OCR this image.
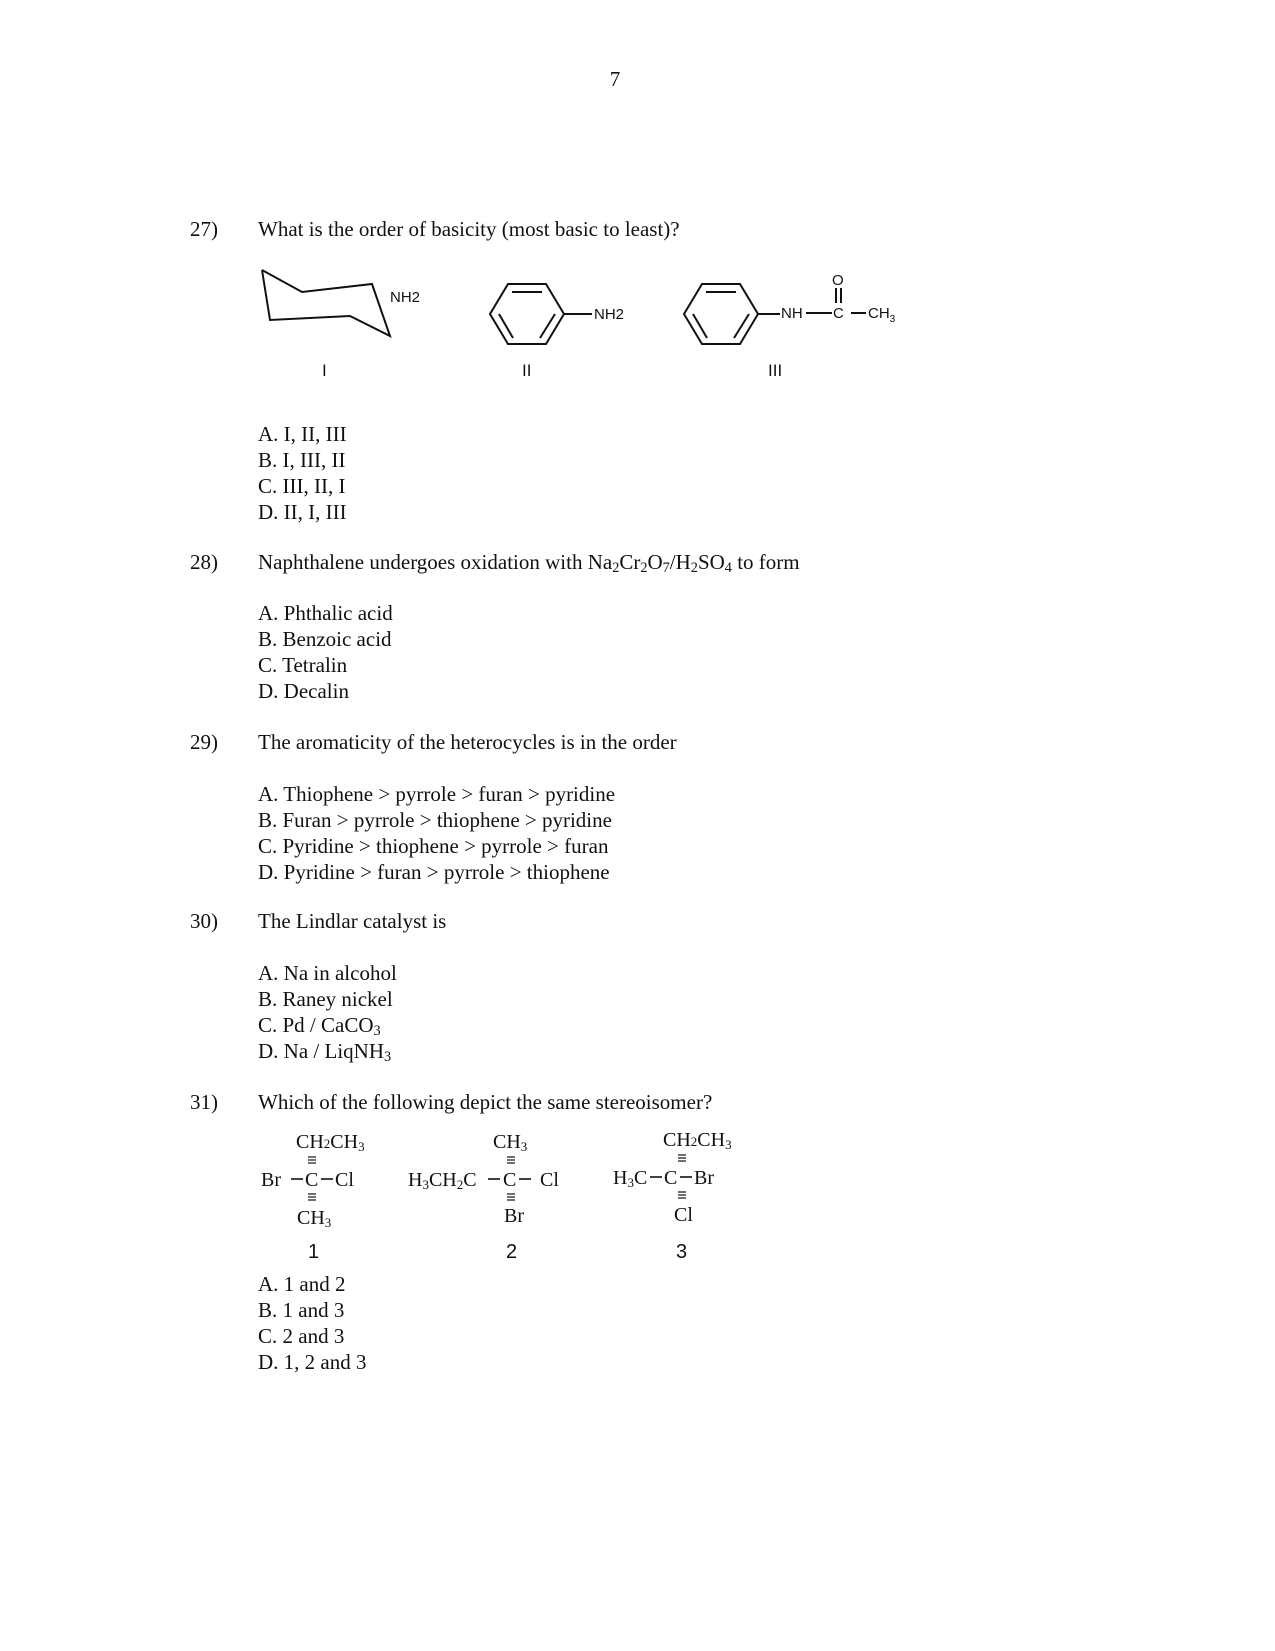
7
27)	What is the order of basicity (most basic to least)?
NH2
I
NH2
II
O
NH C $CH_3$
III
A. I, II, III
B. I, III, II
C. III, II, I
D. II, I, III
28)	Naphthalene undergoes oxidation with $Na_2Cr_2O_7/H_2SO_4$ to form
A. Phthalic acid
B. Benzoic acid
C. Tetralin
D. Decalin
29)	The aromaticity of the heterocycles is in the order
A. Thiophene > pyrrole > furan > pyridine
B. Furan > pyrrole > thiophene > pyridine
C. Pyridine > thiophene > pyrrole > furan
D. Pyridine > furan > pyrrole > thiophene
30)	The Lindlar catalyst is
A. Na in alcohol
B. Raney nickel
C. Pd / CaCO$_3$
D. Na / LiqNH$_3$
31)	Which of the following depict the same stereoisomer?
CH2CH3
Br C Cl
CH3
1
CH3
H3CH2C C Cl
Br
2
CH2CH3
H3C C Br
Cl
3
A. 1 and 2
B. 1 and 3
C. 2 and 3
D. 1, 2 and 3
